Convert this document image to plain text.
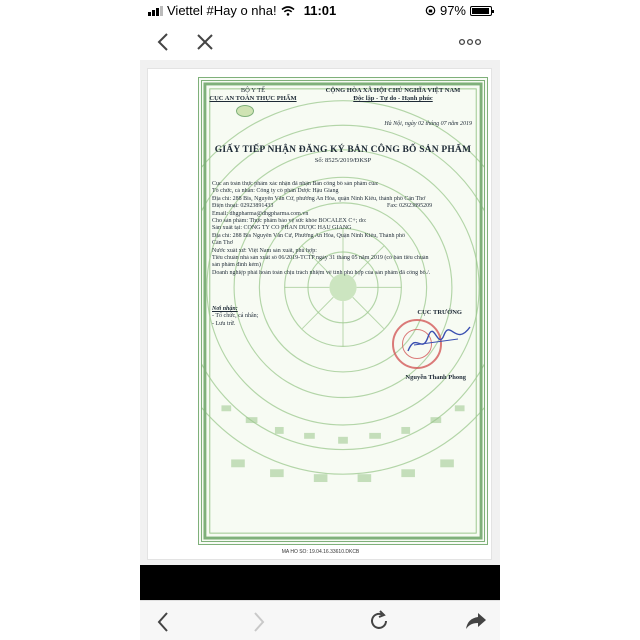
Viettel #Hay o nha!	11:01	97%
BỘ Y TẾ
CỤC AN TOÀN THỰC PHẨM
CỘNG HÒA XÃ HỘI CHỦ NGHĨA VIỆT NAM
Độc lập - Tự do - Hạnh phúc
Hà Nội, ngày 02 tháng 07 năm 2019
GIẤY TIẾP NHẬN ĐĂNG KÝ BẢN CÔNG BỐ SẢN PHẨM
Số: 8525/2019/ĐKSP
Cục an toàn thực phẩm xác nhận đã nhận Bản công bố sản phẩm của:
Tổ chức, cá nhân: Công ty cổ phần Dược Hậu Giang
Địa chỉ: 288 Bis, Nguyễn Văn Cừ, phường An Hòa, quận Ninh Kiều, thành phố Cần Thơ
Điện thoại: 02923891433	Fax: 02923895209
Email: dhgpharma@dhgpharma.com.vn
Cho sản phẩm: Thực phẩm bảo vệ sức khỏe BOCALEX C+; do:
Sản xuất tại: CÔNG TY CỔ PHẦN DƯỢC HẬU GIANG
Địa chỉ: 288 Bis Nguyễn Văn Cừ, Phường An Hòa, Quận Ninh Kiều, Thành phố
Cần Thơ
Nước xuất xứ: Việt Nam sản xuất, phù hợp:
Tiêu chuẩn nhà sản xuất số 06/2019-TCTP ngày 31 tháng 05 năm 2019 (có bản tiêu chuẩn
sản phẩm đính kèm)
Doanh nghiệp phải hoàn toàn chịu trách nhiệm về tính phù hợp của sản phẩm đã công bố./.
Nơi nhận:
- Tổ chức, cá nhân;
- Lưu trữ.
CỤC TRƯỞNG
Nguyễn Thanh Phong
MA HO SO: 19.04.16.33610.DKCB
